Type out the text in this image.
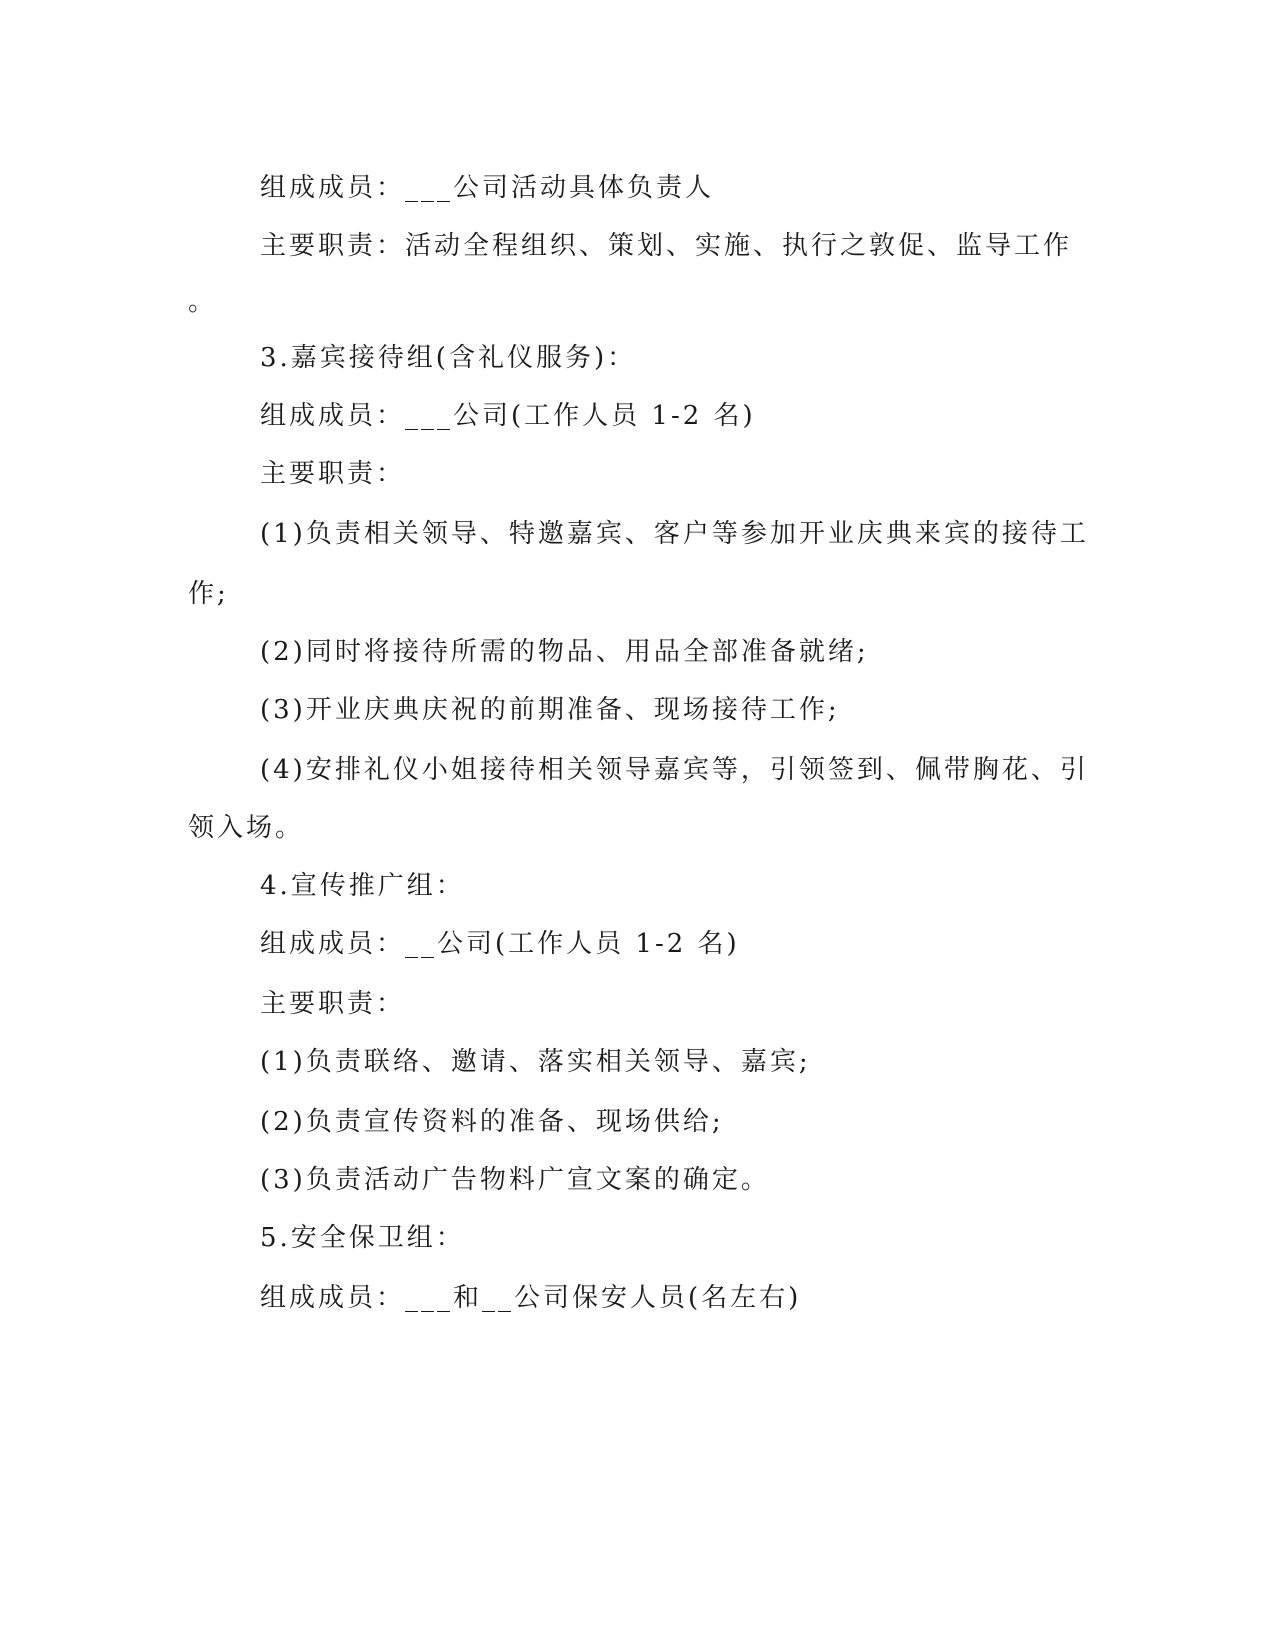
组成成员：___公司活动具体负责人
主要职责：活动全程组织、策划、实施、执行之敦促、监导工作
。
3.嘉宾接待组(含礼仪服务)：
组成成员：___公司(工作人员 1-2 名)
主要职责：
(1)负责相关领导、特邀嘉宾、客户等参加开业庆典来宾的接待工
作;
(2)同时将接待所需的物品、用品全部准备就绪;
(3)开业庆典庆祝的前期准备、现场接待工作;
(4)安排礼仪小姐接待相关领导嘉宾等，引领签到、佩带胸花、引
领入场。
4.宣传推广组：
组成成员：__公司(工作人员 1-2 名)
主要职责：
(1)负责联络、邀请、落实相关领导、嘉宾;
(2)负责宣传资料的准备、现场供给;
(3)负责活动广告物料广宣文案的确定。
5.安全保卫组：
组成成员：___和__公司保安人员(名左右)
